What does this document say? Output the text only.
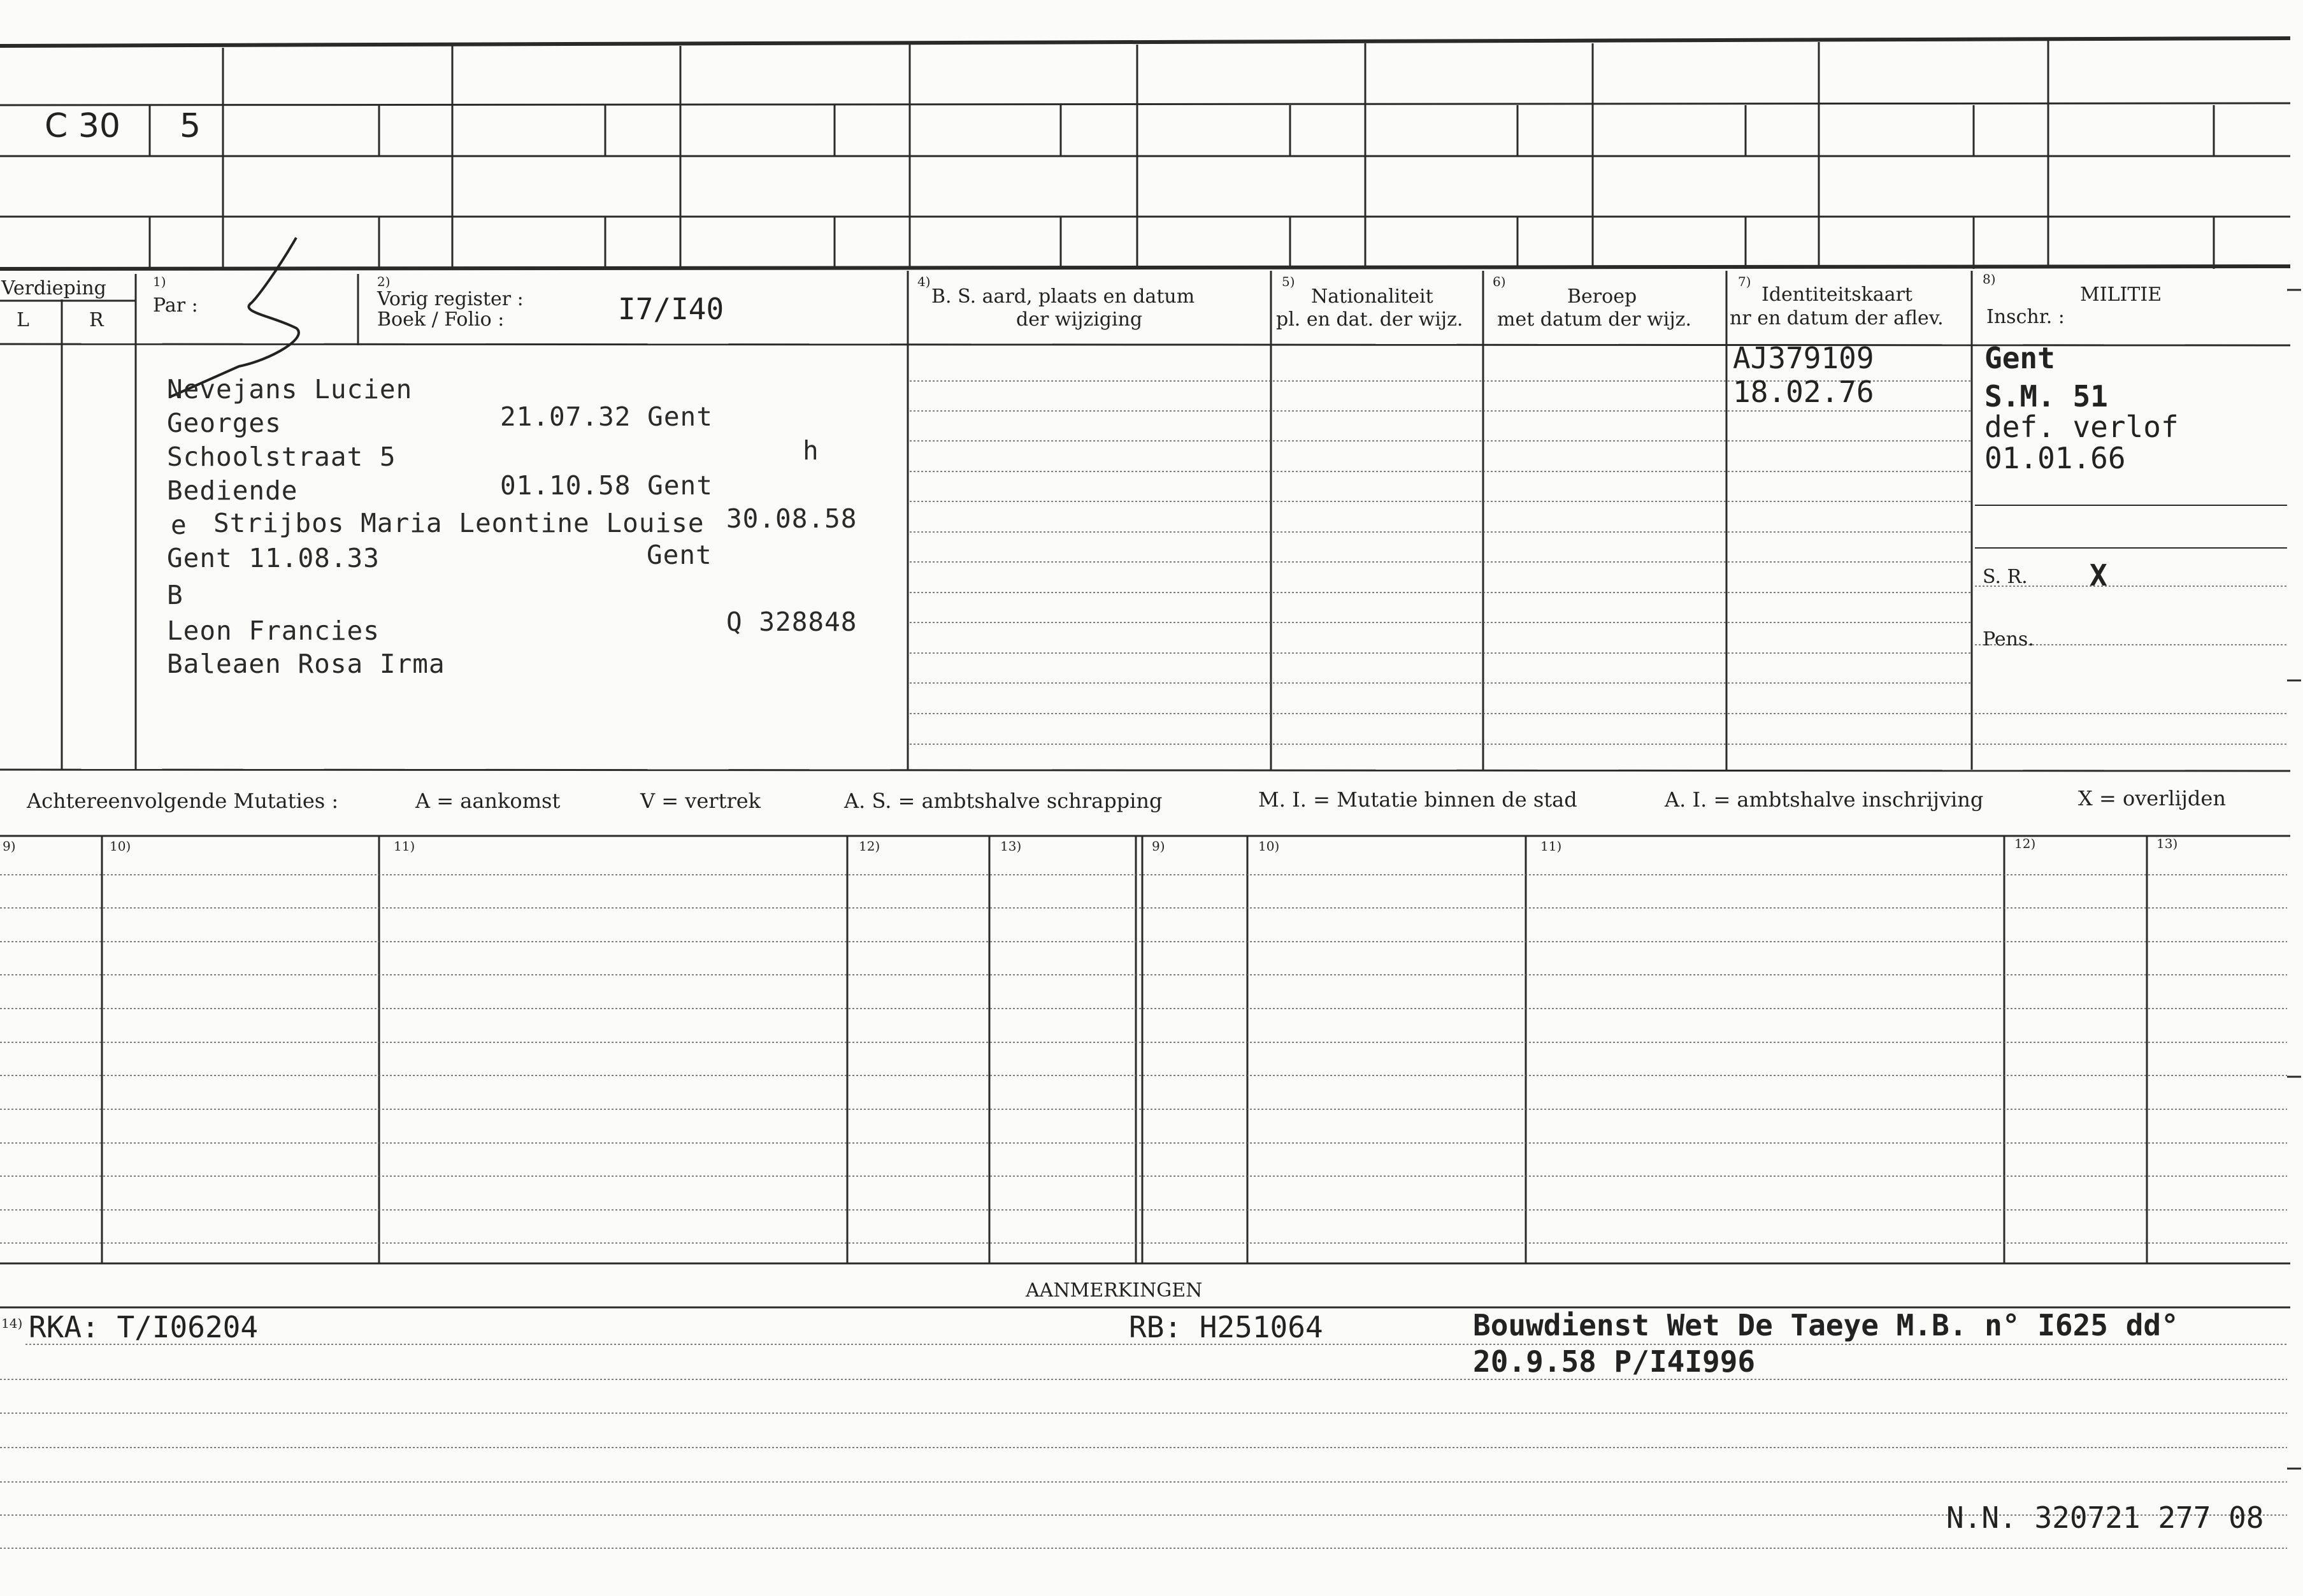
C 30 5
Verdieping
L	R
1)
Par :
2)
Vorig register :
Boek / Folio :	I7/I40
4)
B. S. aard, plaats en datum
der wijziging
5)
Nationaliteit
pl. en dat. der wijz.
6)
Beroep
met datum der wijz.
7)
Identiteitskaart
nr en datum der aflev.
8)
MILITIE
Inschr. :
Nevejans Lucien
Georges	21.07.32 Gent
Schoolstraat 5	h
Bediende	01.10.58 Gent
e Strijbos Maria Leontine Louise 30.08.58
Gent 11.08.33	Gent
B
Leon Francies	Q 328848
Baleaen Rosa Irma
AJ379109
18.02.76
Gent
S.M. 51
def. verlof
01.01.66
S. R. X
Pens.
Achtereenvolgende Mutaties :	A = aankomst	V = vertrek	A. S. = ambtshalve schrapping	M. I. = Mutatie binnen de stad	A. I. = ambtshalve inschrijving	X = overlijden
9)	10)	11)	12)	13)	9)	10)	11)	12)	13)
AANMERKINGEN
14) RKA: T/I06204	RB: H251064	Bouwdienst Wet De Taeye M.B. n° I625 dd°
20.9.58 P/I4I996
N.N. 320721 277 08
